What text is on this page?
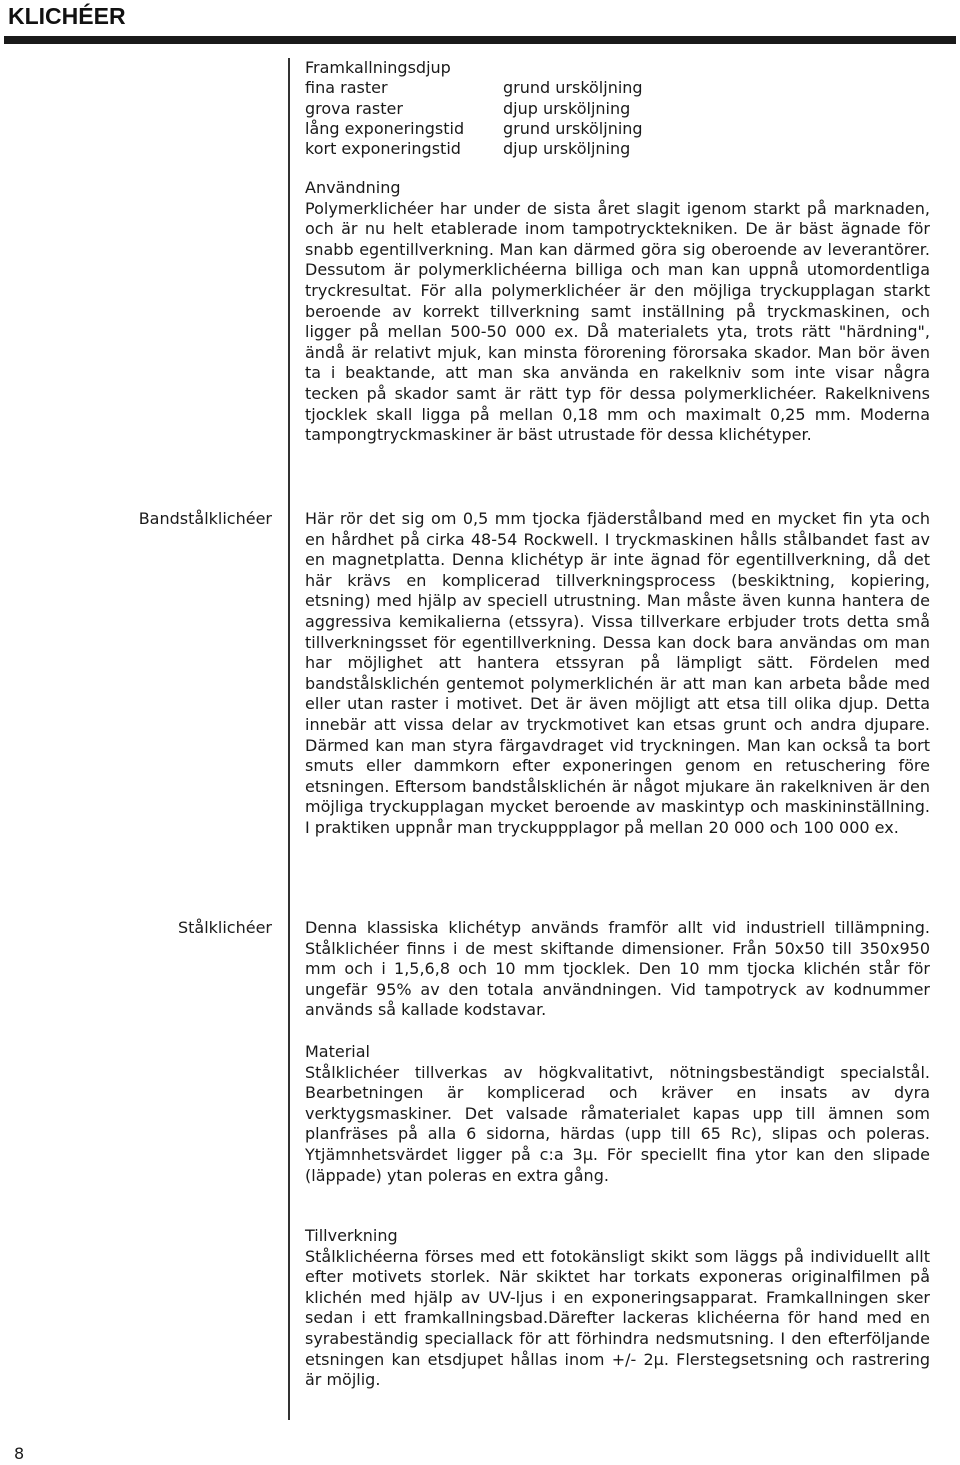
KLICHÉER
Framkallningsdjup
fina raster	grund ursköljning
grova raster	djup ursköljning
lång exponeringstid	grund ursköljning
kort exponeringstid	djup ursköljning
Användning

Polymerklichéer har under de sista året slagit igenom starkt på marknaden, och är nu helt etablerade inom tampotrycktekniken. De är bäst ägnade för snabb egentillverkning. Man kan därmed göra sig oberoende av leverantörer. Dessutom är polymerklichéerna billiga och man kan uppnå utomordentliga tryckresultat. För alla polymerklichéer är den möjliga tryckupplagan starkt beroende av korrekt tillverkning samt inställning på tryckmaskinen, och ligger på mellan 500-50 000 ex. Då materialets yta, trots rätt "härdning", ändå är relativt mjuk, kan minsta förorening förorsaka skador. Man bör även ta i beaktande, att man ska använda en rakelkniv som inte visar några tecken på skador samt är rätt typ för dessa polymerklichéer. Rakelknivens tjocklek skall ligga på mellan 0,18 mm och maximalt 0,25 mm. Moderna tampongtryckmaskiner är bäst utrustade för dessa klichétyper.

Bandstålklichéer Här rör det sig om 0,5 mm tjocka fjäderstålband med en mycket fin yta och en hårdhet på cirka 48-54 Rockwell. I tryckmaskinen hålls stålbandet fast av en magnetplatta. Denna klichétyp är inte ägnad för egentillverkning, då det här krävs en komplicerad tillverkningsprocess (beskiktning, kopiering, etsning) med hjälp av speciell utrustning. Man måste även kunna hantera de aggressiva kemikalierna (etssyra). Vissa tillverkare erbjuder trots detta små tillverkningsset för egentillverkning. Dessa kan dock bara användas om man har möjlighet att hantera etssyran på lämpligt sätt. Fördelen med bandstålsklichén gentemot polymerklichén är att man kan arbeta både med eller utan raster i motivet. Det är även möjligt att etsa till olika djup. Detta innebär att vissa delar av tryckmotivet kan etsas grunt och andra djupare. Därmed kan man styra färgavdraget vid tryckningen. Man kan också ta bort smuts eller dammkorn efter exponeringen genom en retuschering före etsningen. Eftersom bandstålsklichén är något mjukare än rakelkniven är den möjliga tryckupplagan mycket beroende av maskintyp och maskininställning. I praktiken uppnår man tryckuppplagor på mellan 20 000 och 100 000 ex.

Stålklichéer Denna klassiska klichétyp används framför allt vid industriell tillämpning. Stålklichéer finns i de mest skiftande dimensioner. Från 50x50 till 350x950 mm och i 1,5,6,8 och 10 mm tjocklek. Den 10 mm tjocka klichén står för ungefär 95% av den totala användningen. Vid tampotryck av kodnummer används så kallade kodstavar.

Material

Stålklichéer tillverkas av högkvalitativt, nötningsbeständigt specialstål. Bearbetningen är komplicerad och kräver en insats av dyra verktygsmaskiner. Det valsade råmaterialet kapas upp till ämnen som planfräses på alla 6 sidorna, härdas (upp till 65 Rc), slipas och poleras. Ytjämnhetsvärdet ligger på c:a 3µ. För speciellt fina ytor kan den slipade (läppade) ytan poleras en extra gång.

Tillverkning

Stålklichéerna förses med ett fotokänsligt skikt som läggs på individuellt allt efter motivets storlek. När skiktet har torkats exponeras originalfilmen på klichén med hjälp av UV-ljus i en exponeringsapparat. Framkallningen sker sedan i ett framkallningsbad.Därefter lackeras klichéerna för hand med en syrabeständig speciallack för att förhindra nedsmutsning. I den efterföljande etsningen kan etsdjupet hållas inom +/- 2µ. Flerstegsetsning och rastrering är möjlig.

8
